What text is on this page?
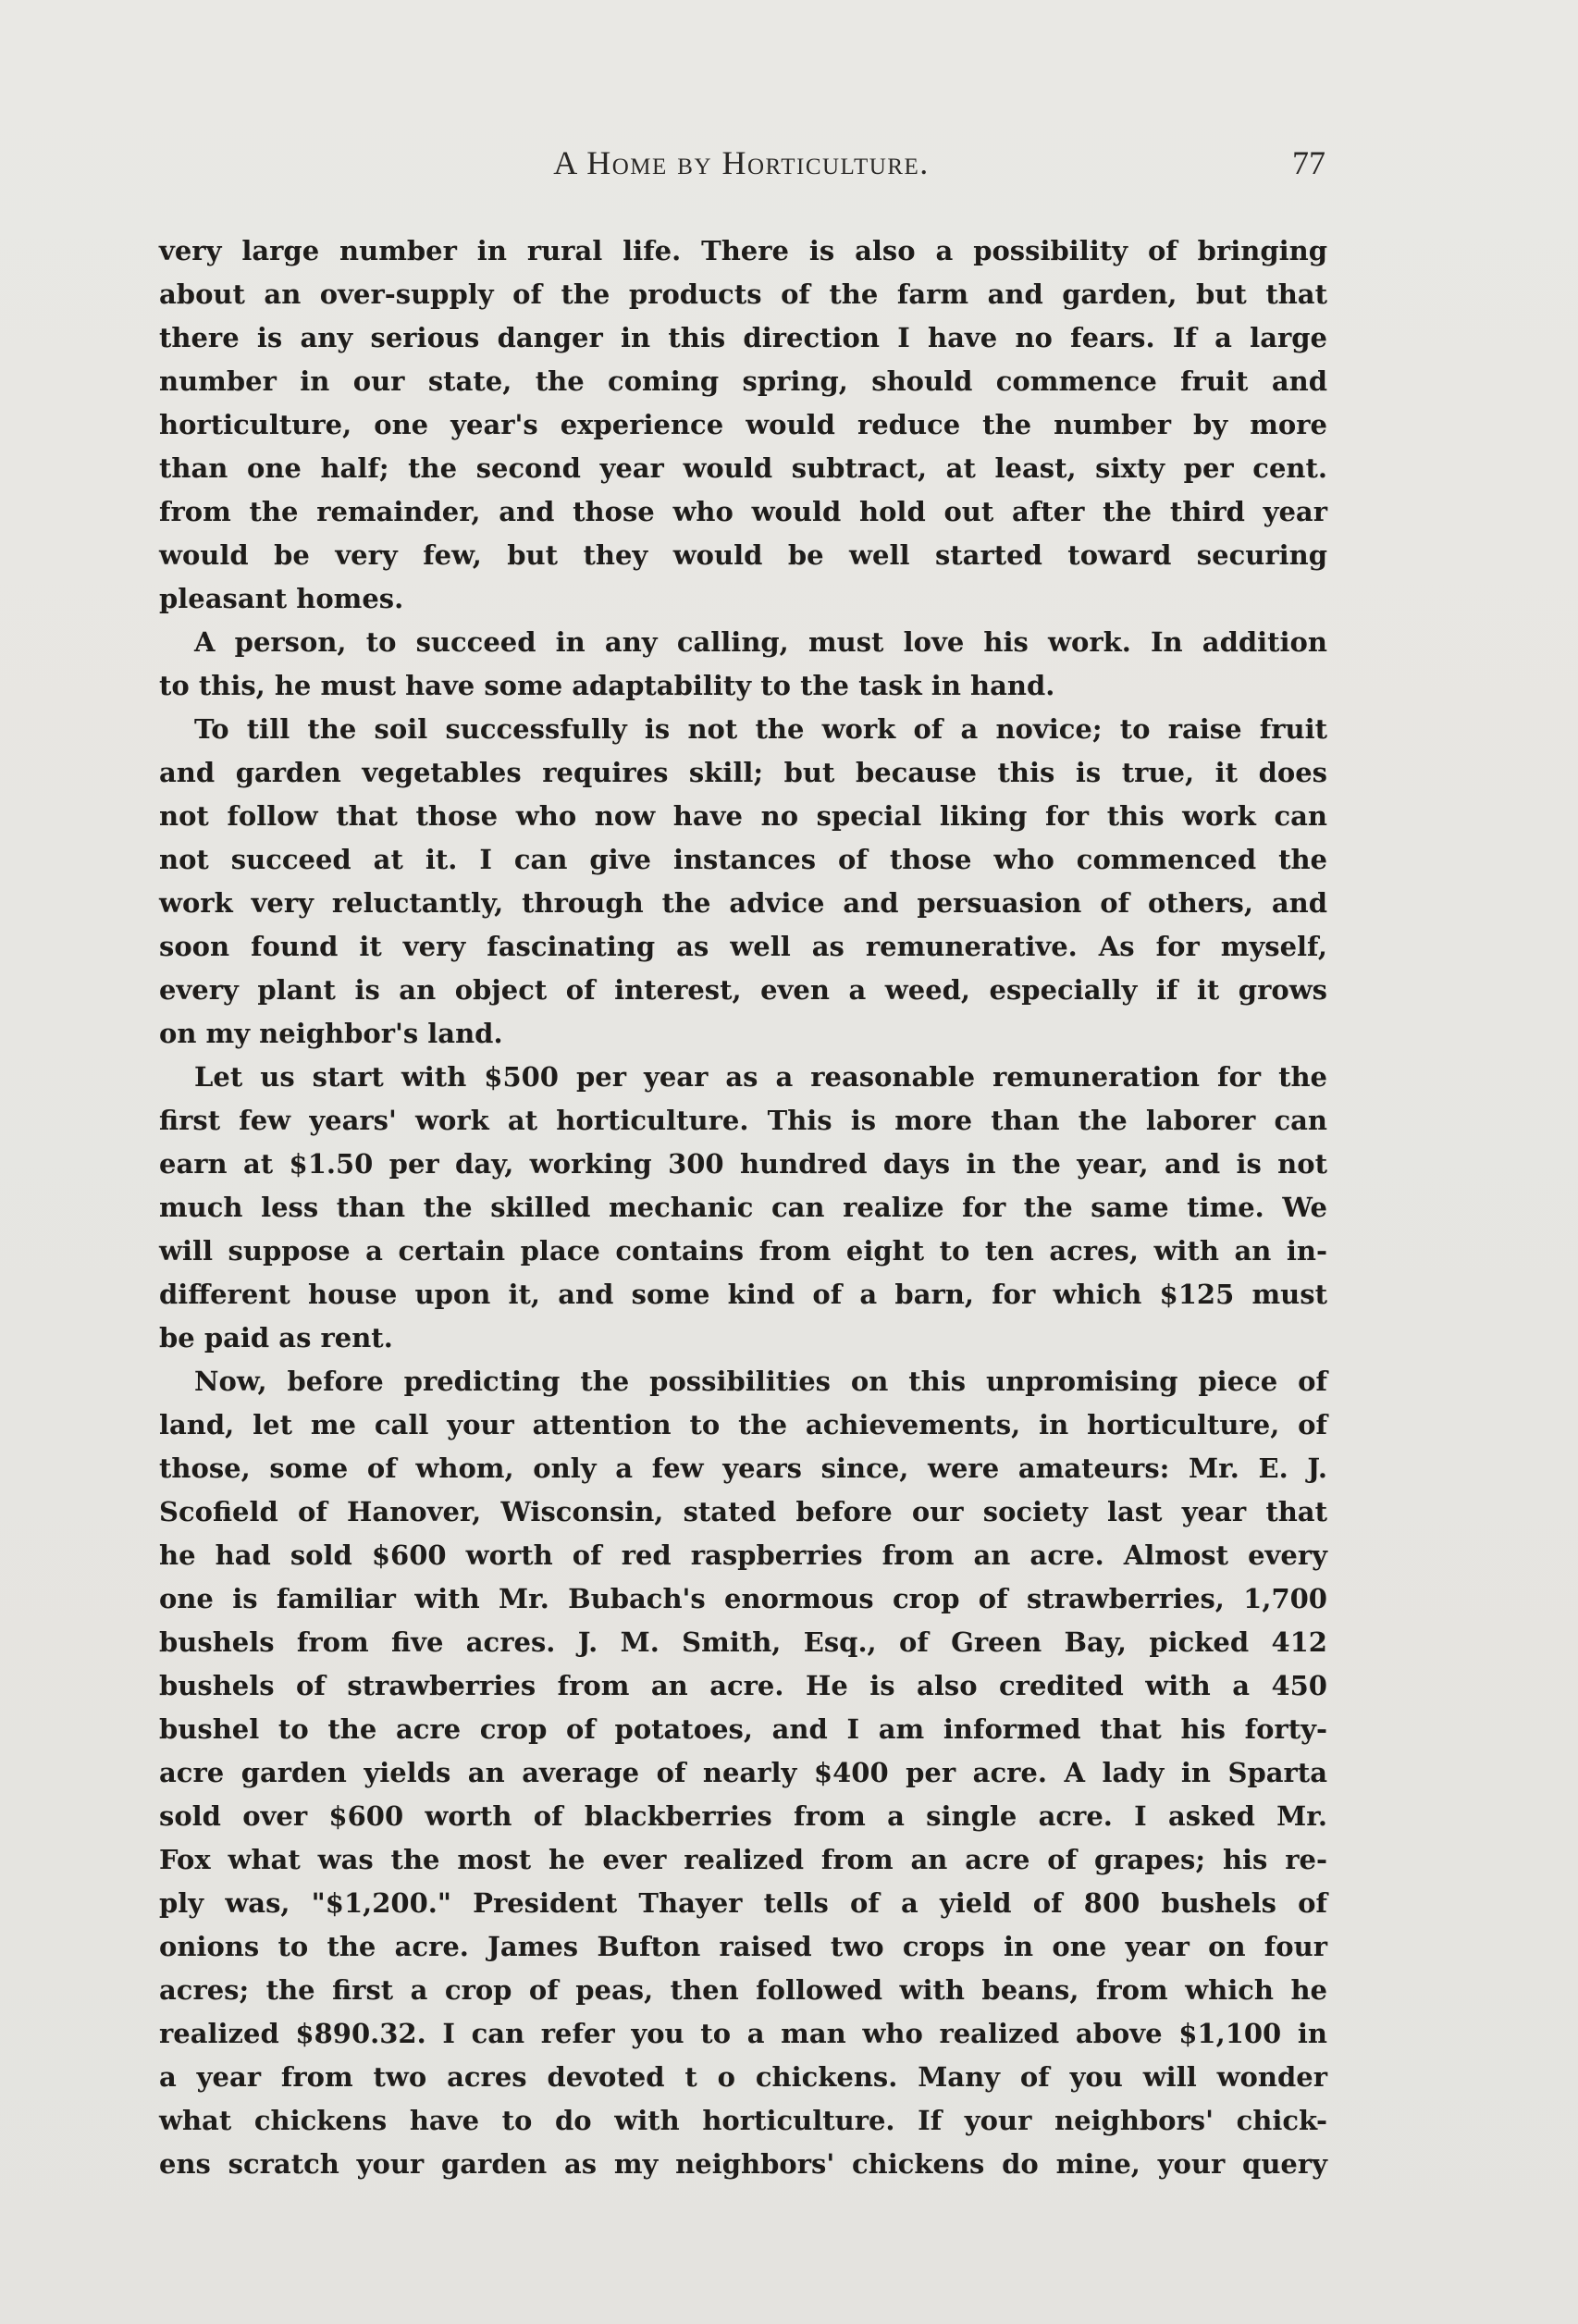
A Home by Horticulture.	77
very large number in rural life. There is also a possibility of bringing
about an over-supply of the products of the farm and garden, but that
there is any serious danger in this direction I have no fears. If a large
number in our state, the coming spring, should commence fruit and
horticulture, one year's experience would reduce the number by more
than one half; the second year would subtract, at least, sixty per cent.
from the remainder, and those who would hold out after the third year
would be very few, but they would be well started toward securing
pleasant homes.
A person, to succeed in any calling, must love his work. In addition
to this, he must have some adaptability to the task in hand.
To till the soil successfully is not the work of a novice; to raise fruit
and garden vegetables requires skill; but because this is true, it does
not follow that those who now have no special liking for this work can
not succeed at it. I can give instances of those who commenced the
work very reluctantly, through the advice and persuasion of others, and
soon found it very fascinating as well as remunerative. As for myself,
every plant is an object of interest, even a weed, especially if it grows
on my neighbor's land.
Let us start with $500 per year as a reasonable remuneration for the
first few years' work at horticulture. This is more than the laborer can
earn at $1.50 per day, working 300 hundred days in the year, and is not
much less than the skilled mechanic can realize for the same time. We
will suppose a certain place contains from eight to ten acres, with an in-
different house upon it, and some kind of a barn, for which $125 must
be paid as rent.
Now, before predicting the possibilities on this unpromising piece of
land, let me call your attention to the achievements, in horticulture, of
those, some of whom, only a few years since, were amateurs: Mr. E. J.
Scofield of Hanover, Wisconsin, stated before our society last year that
he had sold $600 worth of red raspberries from an acre. Almost every
one is familiar with Mr. Bubach's enormous crop of strawberries, 1,700
bushels from five acres. J. M. Smith, Esq., of Green Bay, picked 412
bushels of strawberries from an acre. He is also credited with a 450
bushel to the acre crop of potatoes, and I am informed that his forty-
acre garden yields an average of nearly $400 per acre. A lady in Sparta
sold over $600 worth of blackberries from a single acre. I asked Mr.
Fox what was the most he ever realized from an acre of grapes; his re-
ply was, "$1,200." President Thayer tells of a yield of 800 bushels of
onions to the acre. James Bufton raised two crops in one year on four
acres; the first a crop of peas, then followed with beans, from which he
realized $890.32. I can refer you to a man who realized above $1,100 in
a year from two acres devoted t o chickens. Many of you will wonder
what chickens have to do with horticulture. If your neighbors' chick-
ens scratch your garden as my neighbors' chickens do mine, your query
